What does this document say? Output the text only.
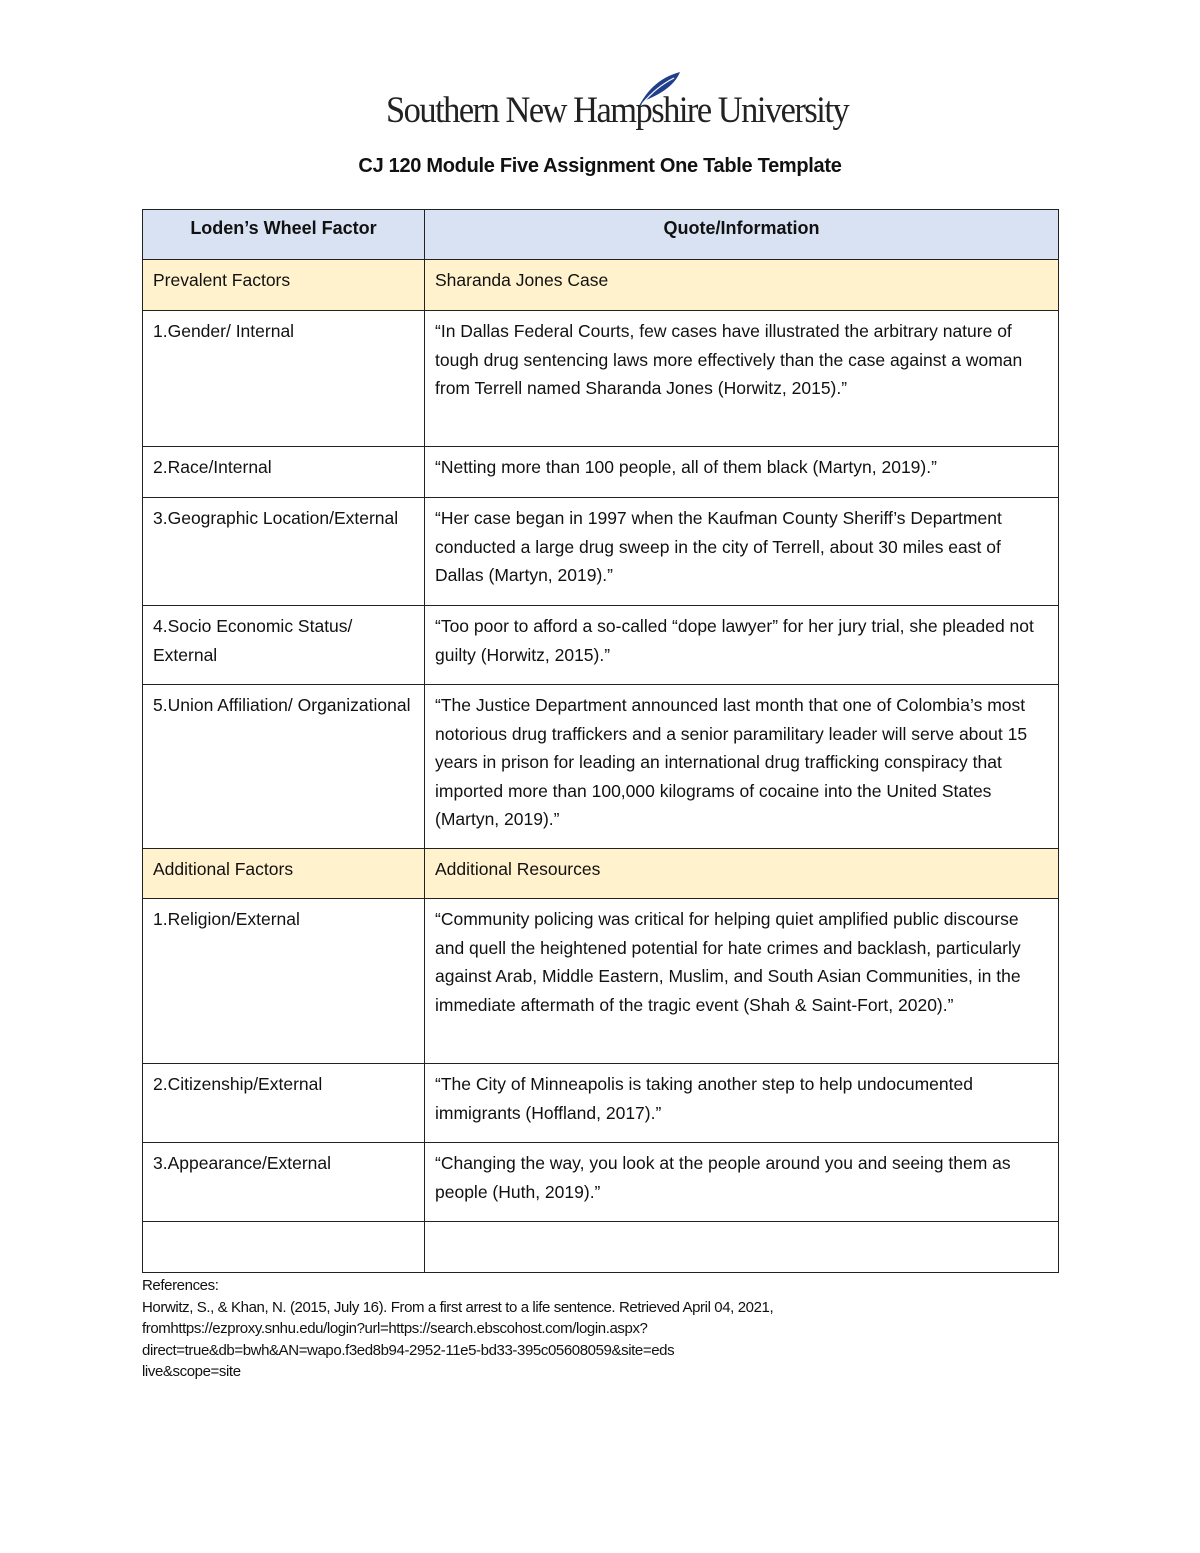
Southern New Hampshire University
CJ 120 Module Five Assignment One Table Template
Loden’s Wheel Factor	Quote/Information
Prevalent Factors	Sharanda Jones Case
1.Gender/ Internal	“In Dallas Federal Courts, few cases have illustrated the arbitrary nature of tough drug sentencing laws more effectively than the case against a woman from Terrell named Sharanda Jones (Horwitz, 2015).”
2.Race/Internal	“Netting more than 100 people, all of them black (Martyn, 2019).”
3.Geographic Location/External	“Her case began in 1997 when the Kaufman County Sheriff’s Department conducted a large drug sweep in the city of Terrell, about 30 miles east of Dallas (Martyn, 2019).”
4.Socio Economic Status/ External	“Too poor to afford a so-called “dope lawyer” for her jury trial, she pleaded not guilty (Horwitz, 2015).”
5.Union Affiliation/ Organizational	“The Justice Department announced last month that one of Colombia’s most notorious drug traffickers and a senior paramilitary leader will serve about 15 years in prison for leading an international drug trafficking conspiracy that imported more than 100,000 kilograms of cocaine into the United States (Martyn, 2019).”
Additional Factors	Additional Resources
1.Religion/External	“Community policing was critical for helping quiet amplified public discourse and quell the heightened potential for hate crimes and backlash, particularly against Arab, Middle Eastern, Muslim, and South Asian Communities, in the immediate aftermath of the tragic event (Shah & Saint-Fort, 2020).”
2.Citizenship/External	“The City of Minneapolis is taking another step to help undocumented immigrants (Hoffland, 2017).”
3.Appearance/External	“Changing the way, you look at the people around you and seeing them as people (Huth, 2019).”

References:
Horwitz, S., & Khan, N. (2015, July 16). From a first arrest to a life sentence. Retrieved April 04, 2021,
fromhttps://ezproxy.snhu.edu/login?url=https://search.ebscohost.com/login.aspx?
direct=true&db=bwh&AN=wapo.f3ed8b94-2952-11e5-bd33-395c05608059&site=eds
live&scope=site
